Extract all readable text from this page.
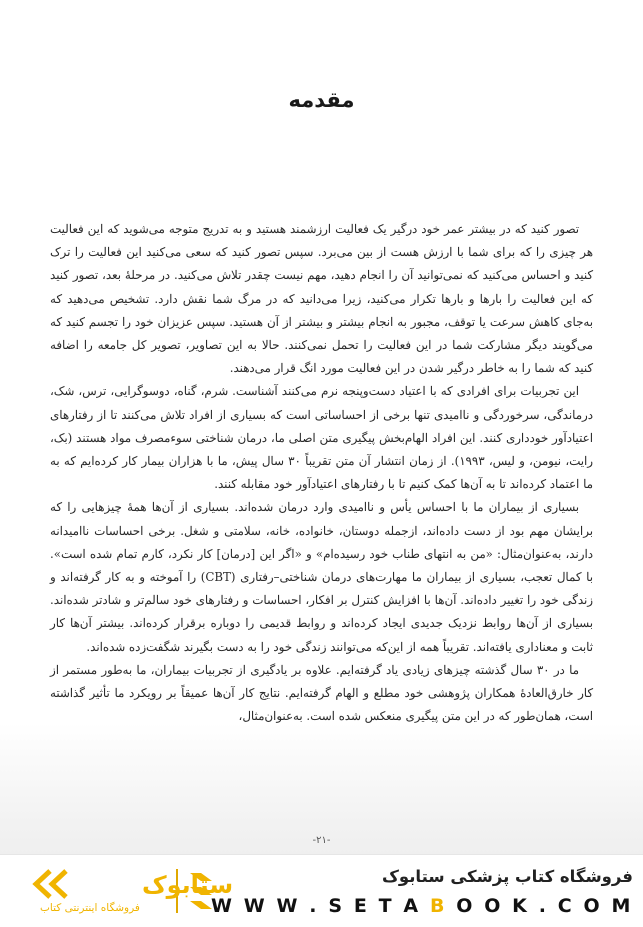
مقدمه

تصور کنید که در بیشتر عمر خود درگیر یک فعالیت ارزشمند هستید و به تدریج متوجه می‌شوید که این فعالیت هر چیزی را که برای شما با ارزش هست از بین می‌برد. سپس تصور کنید که سعی می‌کنید این فعالیت را ترک کنید و احساس می‌کنید که نمی‌توانید آن را انجام دهید، مهم نیست چقدر تلاش می‌کنید. در مرحلهٔ بعد، تصور کنید که این فعالیت را بارها و بارها تکرار می‌کنید، زیرا می‌دانید که در مرگ شما نقش دارد. تشخیص می‌دهید که به‌جای کاهش سرعت یا توقف، مجبور به انجام بیشتر و بیشتر از آن هستید. سپس عزیزان خود را تجسم کنید که می‌گویند دیگر مشارکت شما در این فعالیت را تحمل نمی‌کنند. حالا به این تصاویر، تصویر کل جامعه را اضافه کنید که شما را به خاطر درگیر شدن در این فعالیت مورد انگ قرار می‌دهند.

این تجربیات برای افرادی که با اعتیاد دست‌وپنجه نرم می‌کنند آشناست. شرم، گناه، دوسوگرایی، ترس، شک، درماندگی، سرخوردگی و ناامیدی تنها برخی از احساساتی است که بسیاری از افراد تلاش می‌کنند تا از رفتارهای اعتیادآور خودداری کنند. این افراد الهام‌بخش پیگیری متن اصلی ما، درمان شناختی سوءمصرف مواد هستند (بک، رایت، نیومن، و لیس، ۱۹۹۳). از زمان انتشار آن متن تقریباً ۳۰ سال پیش، ما با هزاران بیمار کار کرده‌ایم که به ما اعتماد کرده‌اند تا به آن‌ها کمک کنیم تا با رفتارهای اعتیادآور خود مقابله کنند.

بسیاری از بیماران ما با احساس یأس و ناامیدی وارد درمان شده‌اند. بسیاری از آن‌ها همهٔ چیزهایی را که برایشان مهم بود از دست داده‌اند، ازجمله دوستان، خانواده، خانه، سلامتی و شغل. برخی احساسات ناامیدانه دارند، به‌عنوان‌مثال: «من به انتهای طناب خود رسیده‌ام» و «اگر این [درمان] کار نکرد، کارم تمام شده است». با کمال تعجب، بسیاری از بیماران ما مهارت‌های درمان شناختی–رفتاری (CBT) را آموخته و به کار گرفته‌اند و زندگی خود را تغییر داده‌اند. آن‌ها با افزایش کنترل بر افکار، احساسات و رفتارهای خود سالم‌تر و شادتر شده‌اند. بسیاری از آن‌ها روابط نزدیک جدیدی ایجاد کرده‌اند و روابط قدیمی را دوباره برقرار کرده‌اند. بیشتر آن‌ها کار ثابت و معناداری یافته‌اند. تقریباً همه از این‌که می‌توانند زندگی خود را به دست بگیرند شگفت‌زده شده‌اند.

ما در ۳۰ سال گذشته چیزهای زیادی یاد گرفته‌ایم. علاوه بر یادگیری از تجربیات بیماران، ما به‌طور مستمر از کار خارق‌العادهٔ همکاران پژوهشی خود مطلع و الهام گرفته‌ایم. نتایج کار آن‌ها عمیقاً بر رویکرد ما تأثیر گذاشته است، همان‌طور که در این متن پیگیری منعکس شده است. به‌عنوان‌مثال،

-۲۱-
فروشگاه کتاب پزشکی ستابوک
W W W . S E T A B O O K . C O M
ستابوک
فروشگاه اینترنتی کتاب
